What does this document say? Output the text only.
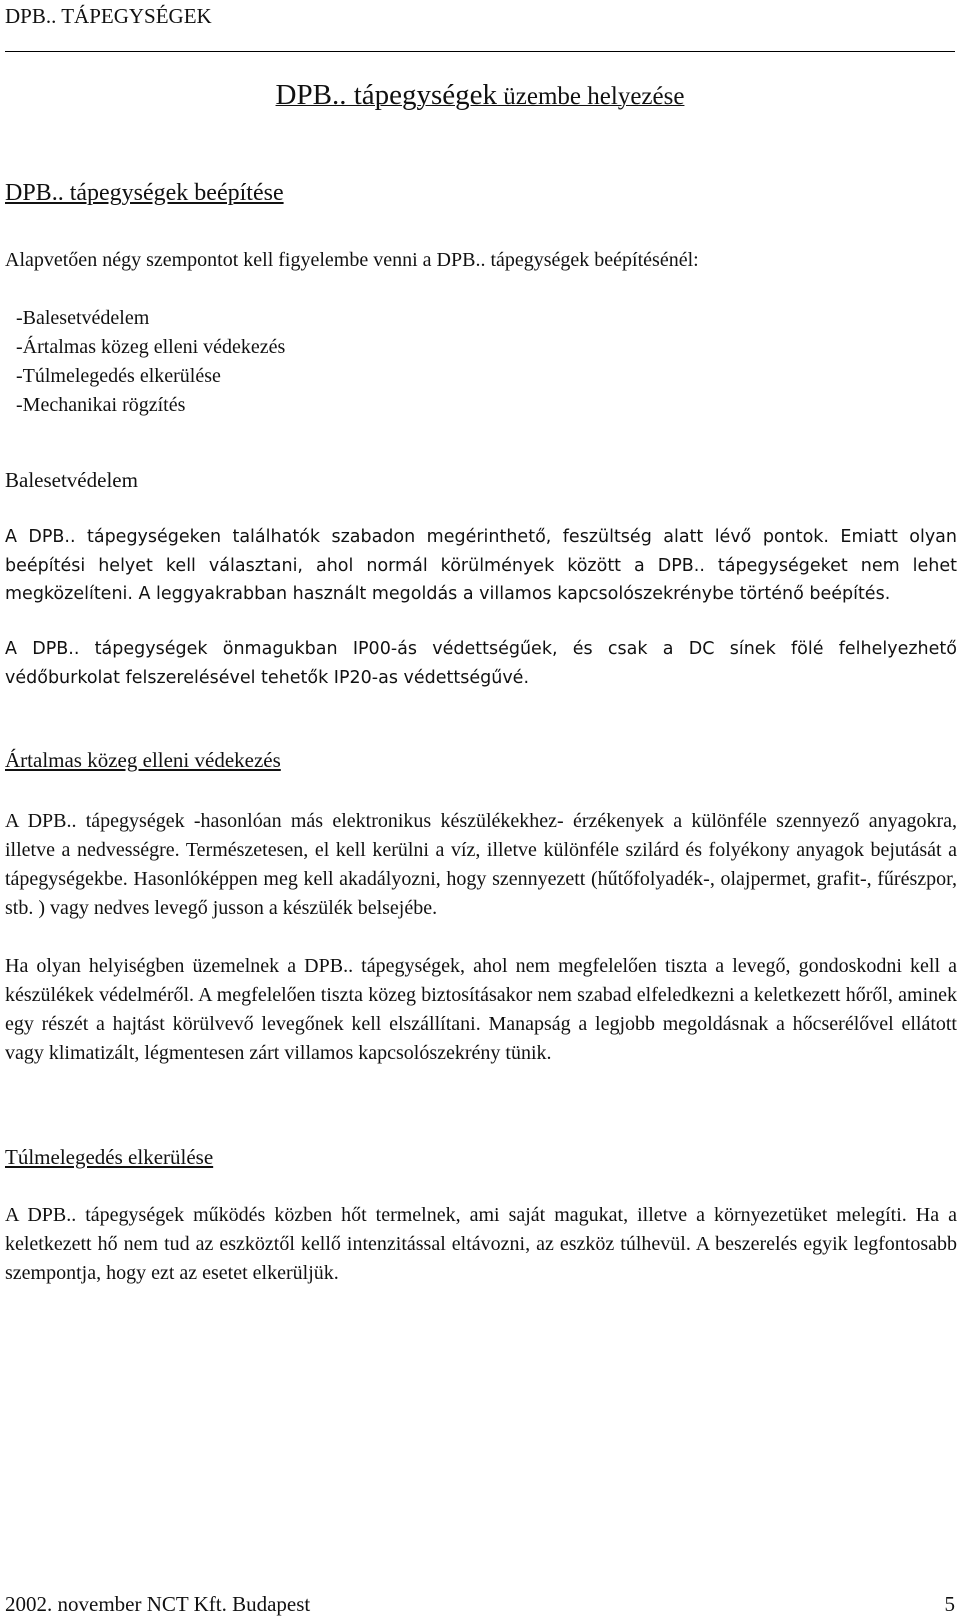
DPB.. TÁPEGYSÉGEK
DPB.. tápegységek üzembe helyezése
DPB.. tápegységek beépítése
Alapvetően négy szempontot kell figyelembe venni a DPB.. tápegységek beépítésénél:
-Balesetvédelem
-Ártalmas közeg elleni védekezés
-Túlmelegedés elkerülése
-Mechanikai rögzítés
Balesetvédelem

A DPB.. tápegységeken találhatók szabadon megérinthető, feszültség alatt lévő pontok. Emiatt olyan beépítési helyet kell választani, ahol normál körülmények között a DPB.. tápegységeket nem lehet megközelíteni. A leggyakrabban használt megoldás a villamos kapcsolószekrénybe történő beépítés.

A DPB.. tápegységek önmagukban IP00-ás védettségűek, és csak a DC sínek fölé felhelyezhető védőburkolat felszerelésével tehetők IP20-as védettségűvé.

Ártalmas közeg elleni védekezés

A DPB.. tápegységek -hasonlóan más elektronikus készülékekhez- érzékenyek a különféle szennyező anyagokra, illetve a nedvességre. Természetesen, el kell kerülni a víz, illetve különféle szilárd és folyékony anyagok bejutását a tápegységekbe. Hasonlóképpen meg kell akadályozni, hogy szennyezett (hűtőfolyadék-, olajpermet, grafit-, fűrészpor, stb. ) vagy nedves levegő jusson a készülék belsejébe.

Ha olyan helyiségben üzemelnek a DPB.. tápegységek, ahol nem megfelelően tiszta a levegő, gondoskodni kell a készülékek védelméről. A megfelelően tiszta közeg biztosításakor nem szabad elfeledkezni a keletkezett hőről, aminek egy részét a hajtást körülvevő levegőnek kell elszállítani. Manapság a legjobb megoldásnak a hőcserélővel ellátott vagy klimatizált, légmentesen zárt villamos kapcsolószekrény tünik.

Túlmelegedés elkerülése

A DPB.. tápegységek működés közben hőt termelnek, ami saját magukat, illetve a környezetüket melegíti. Ha a keletkezett hő nem tud az eszköztől kellő intenzitással eltávozni, az eszköz túlhevül. A beszerelés egyik legfontosabb szempontja, hogy ezt az esetet elkerüljük.

2002. november NCT Kft. Budapest	5
